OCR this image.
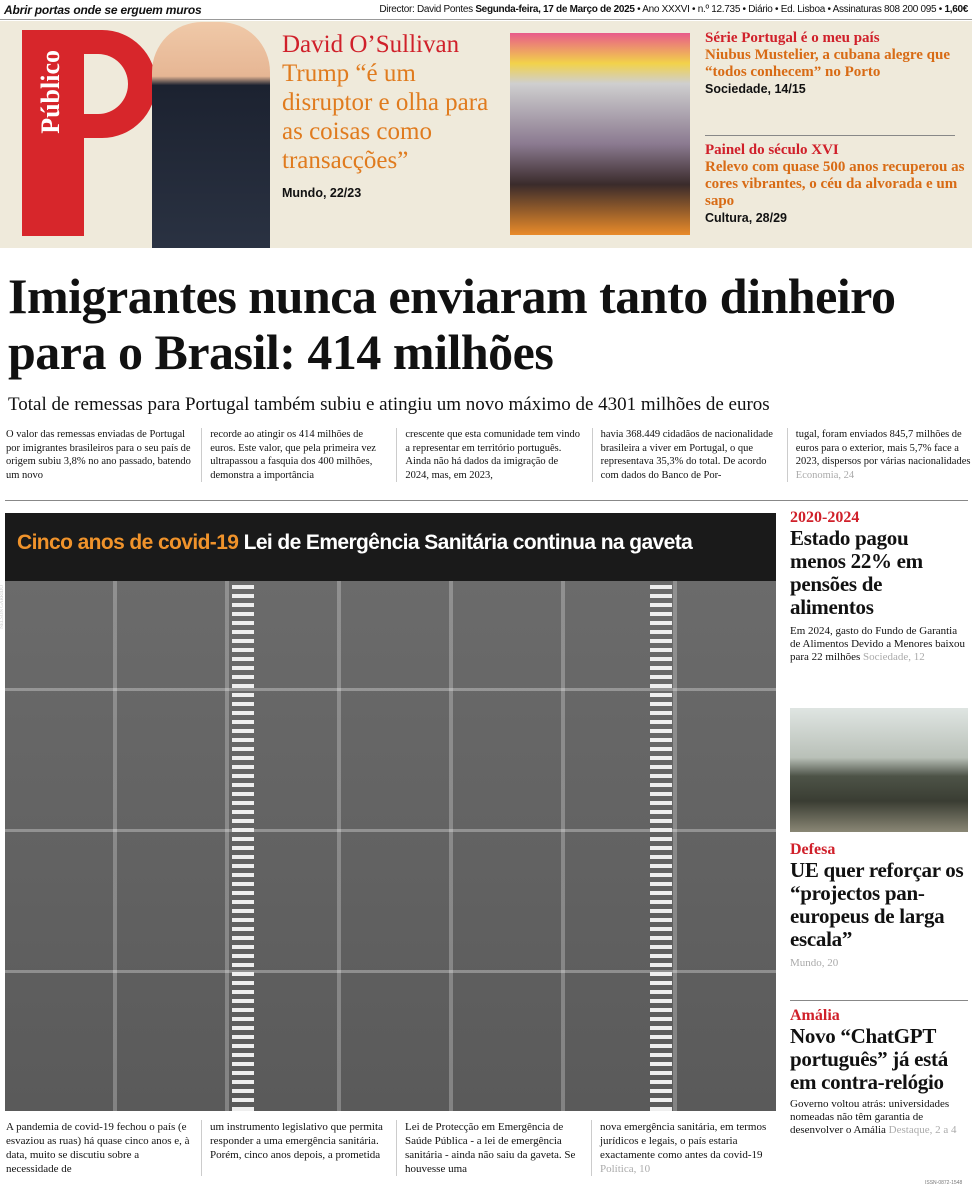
Abrir portas onde se erguem muros	Director: David Pontes Segunda-feira, 17 de Março de 2025 • Ano XXXVI • n.º 12.735 • Diário • Ed. Lisboa • Assinaturas 808 200 095 • 1,60€
Público
David O’Sullivan
Trump “é um disruptor e olha para as coisas como transacções”
Mundo, 22/23
Série Portugal é o meu país
Niubus Mustelier, a cubana alegre que “todos conhecem” no Porto
Sociedade, 14/15
Painel do século XVI
Relevo com quase 500 anos recuperou as cores vibrantes, o céu da alvorada e um sapo
Cultura, 28/29
Imigrantes nunca enviaram tanto dinheiro para o Brasil: 414 milhões
Total de remessas para Portugal também subiu e atingiu um novo máximo de 4301 milhões de euros
O valor das remessas enviadas de Portugal por imigrantes brasileiros para o seu país de origem subiu 3,8% no ano passado, batendo um novo
recorde ao atingir os 414 milhões de euros. Este valor, que pela primeira vez ultrapassou a fasquia dos 400 milhões, demonstra a importância
crescente que esta comunidade tem vindo a representar em território português. Ainda não há dados da imigração de 2024, mas, em 2023,
havia 368.449 cidadãos de nacionalidade brasileira a viver em Portugal, o que representava 35,3% do total. De acordo com dados do Banco de Por-
tugal, foram enviados 845,7 milhões de euros para o exterior, mais 5,7% face a 2023, dispersos por várias nacionalidades Economia, 24
Cinco anos de covid-19 Lei de Emergência Sanitária continua na gaveta
NELSON GARRIDO
A pandemia de covid-19 fechou o país (e esvaziou as ruas) há quase cinco anos e, à data, muito se discutiu sobre a necessidade de
um instrumento legislativo que permita responder a uma emergência sanitária. Porém, cinco anos depois, a prometida
Lei de Protecção em Emergência de Saúde Pública - a lei de emergência sanitária - ainda não saiu da gaveta. Se houvesse uma
nova emergência sanitária, em termos jurídicos e legais, o país estaria exactamente como antes da covid-19 Política, 10
2020-2024
Estado pagou menos 22% em pensões de alimentos
Em 2024, gasto do Fundo de Garantia de Alimentos Devido a Menores baixou para 22 milhões Sociedade, 12
Defesa
UE quer reforçar os “projectos pan-europeus de larga escala”
Mundo, 20
Amália
Novo “ChatGPT português” já está em contra-relógio
Governo voltou atrás: universidades nomeadas não têm garantia de desenvolver o Amália Destaque, 2 a 4
ISSN-0872-1548
